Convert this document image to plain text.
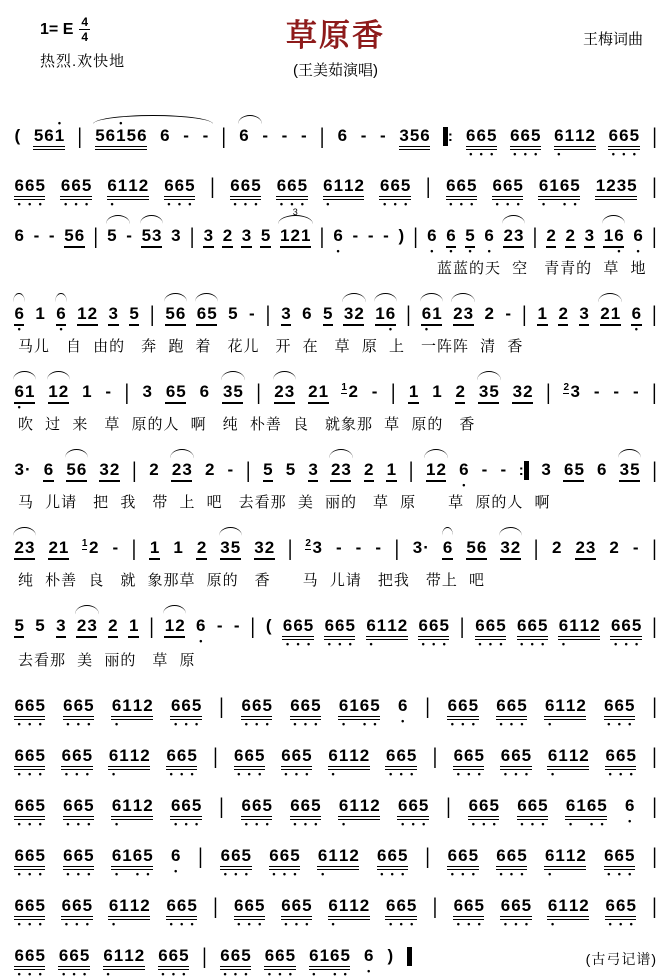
1= E $\frac{4}{4}$
热烈.欢快地
草原香
(王美茹演唱)
王梅词曲
( 5 6 1
•
| 5 6 1
•
5 6 6 - - | 6 - - - | 6 - - 3 5 6	: 6
•
6
•
5
•
6
•
6
•
5
•
6
•
1 1 2 6
•
6
•
5
•
|
6
•
6
•
5
•
6
•
6
•
5
•
6
•
1 1 2 6
•
6
•
5
•
| 6
•
6
•
5
•
6
•
6
•
5
•
6
•
1 1 2 6
•
6
•
5
•
| 6
•
6
•
5
•
6
•
6
•
5
•
6
•
1 6
•
5
•
1 2 3 5 |
6 - - 5 6 | 5 - 5 3 3 | 3 2 3 5
3
1 2 1 | 6
•
- - - ) | 6
•
6
•
5
•
6
•
2 3 | 2 2 3 1 6
•
6
•
|
蓝蓝的天 空　青青的 草 地
6
•
1 6
•
1 2 3 5 | 5 6 6 5 5 - | 3 6 5 3 2 1 6
•
| 6
•
1 2 3 2 - | 1 2 3 2 1 6
•
|
马儿　自 由的　奔 跑 着　花儿　开 在　草 原 上　一阵阵 清 香
6
•
1 1 2 1 - | 3 6 5 6 3 5 | 2 3 2 1 $^1$ 2 - | 1 1 2 3 5 3 2 | $^2$ 3 - - - |
吹 过 来　草 原的人 啊　纯 朴善 良　就象那 草 原的　香
3 · 6 5 6 3 2 | 2 2 3 2 - | 5 5 3 2 3 2 1 | 1 2 6
•
- - : 3 6 5 6 3 5 |
马 儿请　把 我　带 上 吧　去看那 美 丽的　草 原　　草 原的人 啊
2 3 2 1 $^1$ 2 - | 1 1 2 3 5 3 2 | $^2$ 3 - - - | 3 · 6 5 6 3 2 | 2 2 3 2 - |
纯 朴善 良　就 象那草 原的　香　　马 儿请　把我　带上 吧
5 5 3 2 3 2 1 | 1 2 6
•
- - | ( 6
•
6
•
5
•
6
•
6
•
5
•
6
•
1 1 2 6
•
6
•
5
•
| 6
•
6
•
5
•
6
•
6
•
5
•
6
•
1 1 2 6
•
6
•
5
•
|
去看那 美 丽的　草 原
6
•
6
•
5
•
6
•
6
•
5
•
6
•
1 1 2 6
•
6
•
5
•
| 6
•
6
•
5
•
6
•
6
•
5
•
6
•
1 6
•
5
•
6
•
| 6
•
6
•
5
•
6
•
6
•
5
•
6
•
1 1 2 6
•
6
•
5
•
|
6
•
6
•
5
•
6
•
6
•
5
•
6
•
1 1 2 6
•
6
•
5
•
| 6
•
6
•
5
•
6
•
6
•
5
•
6
•
1 1 2 6
•
6
•
5
•
| 6
•
6
•
5
•
6
•
6
•
5
•
6
•
1 1 2 6
•
6
•
5
•
|
6
•
6
•
5
•
6
•
6
•
5
•
6
•
1 1 2 6
•
6
•
5
•
| 6
•
6
•
5
•
6
•
6
•
5
•
6
•
1 1 2 6
•
6
•
5
•
| 6
•
6
•
5
•
6
•
6
•
5
•
6
•
1 6
•
5
•
6
•
|
6
•
6
•
5
•
6
•
6
•
5
•
6
•
1 6
•
5
•
6
•
| 6
•
6
•
5
•
6
•
6
•
5
•
6
•
1 1 2 6
•
6
•
5
•
| 6
•
6
•
5
•
6
•
6
•
5
•
6
•
1 1 2 6
•
6
•
5
•
|
6
•
6
•
5
•
6
•
6
•
5
•
6
•
1 1 2 6
•
6
•
5
•
| 6
•
6
•
5
•
6
•
6
•
5
•
6
•
1 1 2 6
•
6
•
5
•
| 6
•
6
•
5
•
6
•
6
•
5
•
6
•
1 1 2 6
•
6
•
5
•
|
6
•
6
•
5
•
6
•
6
•
5
•
6
•
1 1 2 6
•
6
•
5
•
| 6
•
6
•
5
•
6
•
6
•
5
•
6
•
1 6
•
5
•
6
•
)	(古弓记谱)
